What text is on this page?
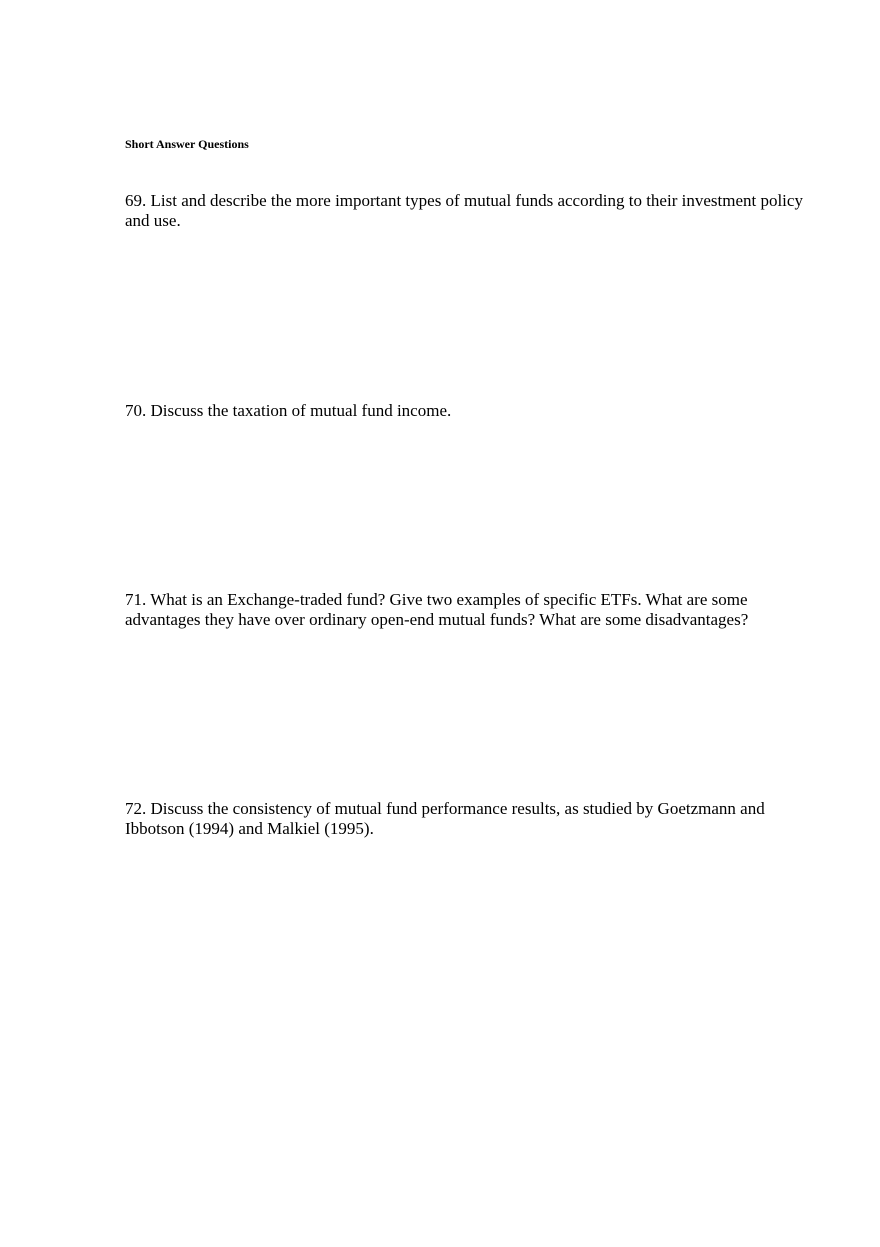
Short Answer Questions

69. List and describe the more important types of mutual funds according to their investment policy and use.

70. Discuss the taxation of mutual fund income.

71. What is an Exchange-traded fund? Give two examples of specific ETFs. What are some advantages they have over ordinary open-end mutual funds? What are some disadvantages?

72. Discuss the consistency of mutual fund performance results, as studied by Goetzmann and Ibbotson (1994) and Malkiel (1995).
